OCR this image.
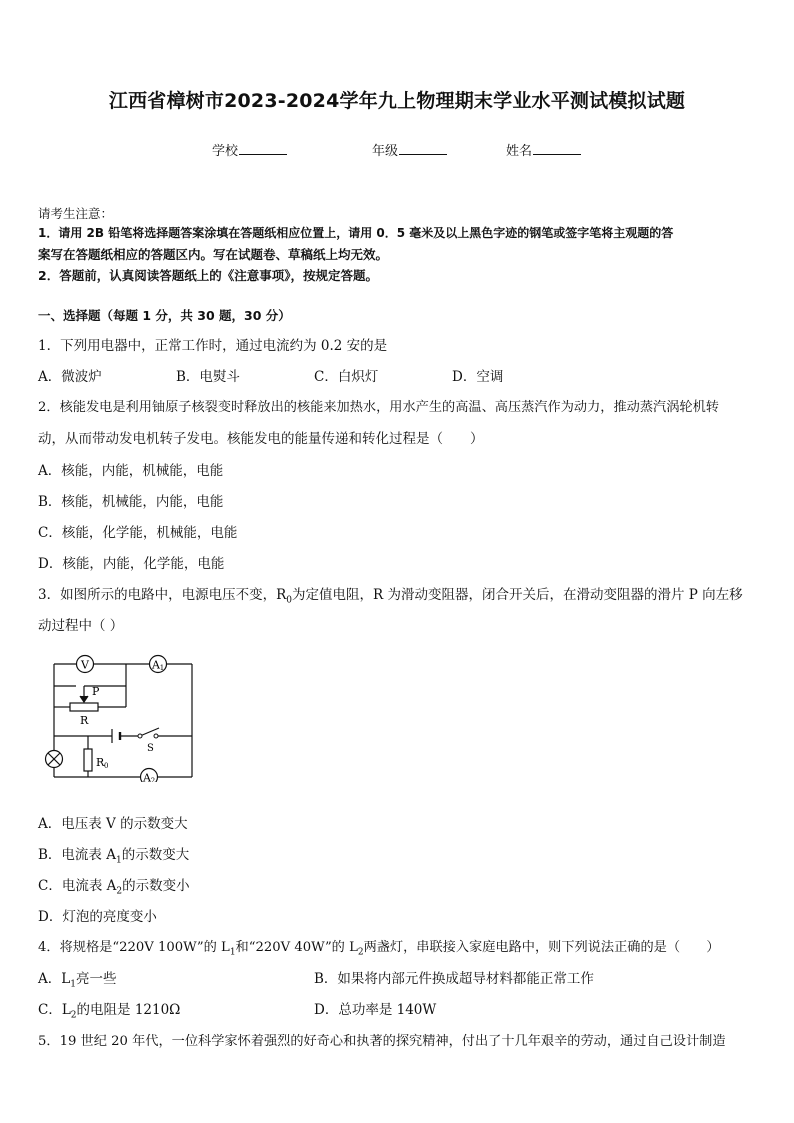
江西省樟树市2023-2024学年九上物理期末学业水平测试模拟试题
学校	年级	姓名
请考生注意：
1．请用 2B 铅笔将选择题答案涂填在答题纸相应位置上，请用 0．5 毫米及以上黑色字迹的钢笔或签字笔将主观题的答
案写在答题纸相应的答题区内。写在试题卷、草稿纸上均无效。
2．答题前，认真阅读答题纸上的《注意事项》，按规定答题。
一、选择题（每题 1 分，共 30 题，30 分）
1．下列用电器中，正常工作时，通过电流约为 0.2 安的是
A．微波炉	B．电熨斗	C．白炽灯	D．空调
2．核能发电是利用铀原子核裂变时释放出的核能来加热水，用水产生的高温、高压蒸汽作为动力，推动蒸汽涡轮机转
动，从而带动发电机转子发电。核能发电的能量传递和转化过程是（　　）
A．核能，内能，机械能，电能
B．核能，机械能，内能，电能
C．核能，化学能，机械能，电能
D．核能，内能，化学能，电能
3．如图所示的电路中，电源电压不变，$R_0$为定值电阻，R 为滑动变阻器，闭合开关后，在滑动变阻器的滑片 P 向左移
动过程中（ ）
V	A 1
A 2
P
R
S
R 0
A．电压表 V 的示数变大
B．电流表 $A_1$的示数变大
C．电流表 $A_2$的示数变小
D．灯泡的亮度变小
4．将规格是“220V 100W”的 $L_1$和“220V 40W”的 $L_2$两盏灯，串联接入家庭电路中，则下列说法正确的是（　　）
A．$L_1$亮一些	B．如果将内部元件换成超导材料都能正常工作
C．$L_2$的电阻是 1210Ω	D．总功率是 140W
5．19 世纪 20 年代，一位科学家怀着强烈的好奇心和执著的探究精神，付出了十几年艰辛的劳动，通过自己设计制造
